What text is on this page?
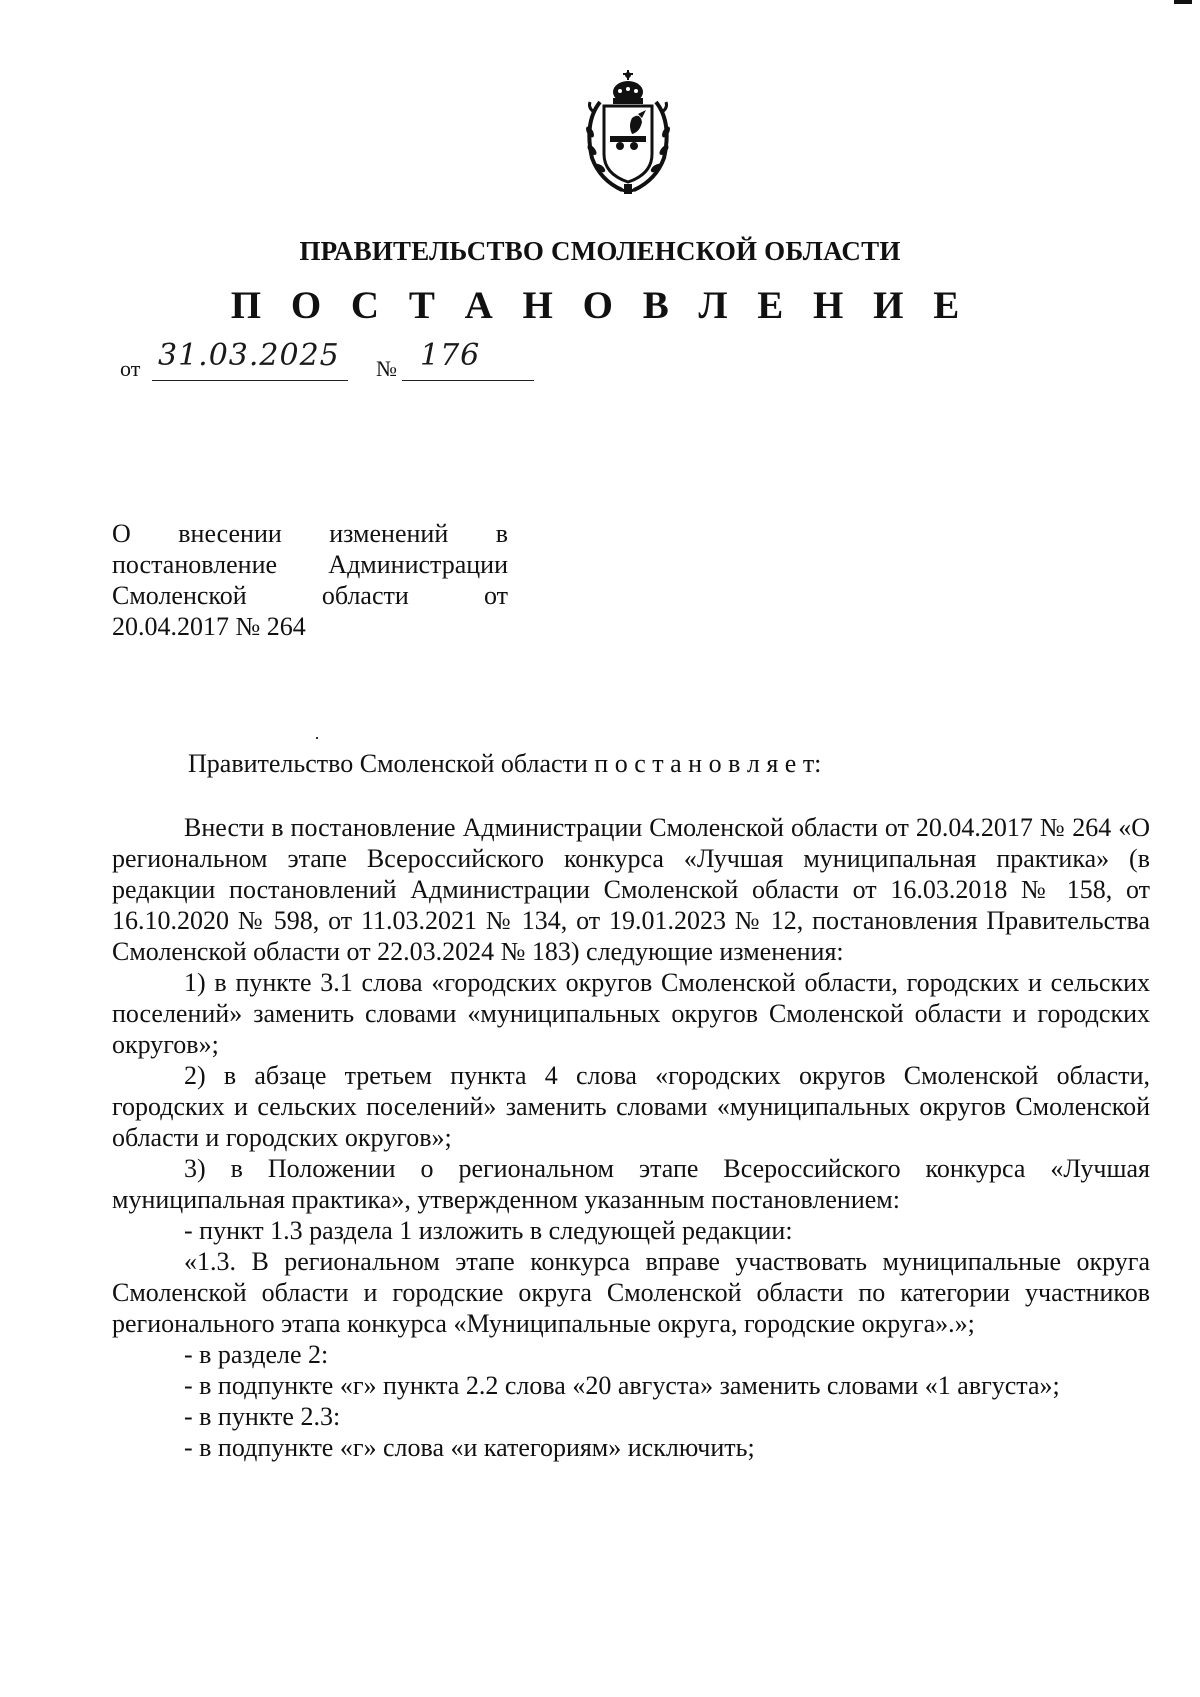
ПРАВИТЕЛЬСТВО СМОЛЕНСКОЙ ОБЛАСТИ
П О С Т А Н О В Л Е Н И Е
от 31.03.2025 № 176
О внесении изменений в
постановление Администрации
Смоленской области от
20.04.2017 № 264
Правительство Смоленской области п о с т а н о в л я е т:

Внести в постановление Администрации Смоленской области от 20.04.2017 № 264 «О региональном этапе Всероссийского конкурса «Лучшая муниципальная практика» (в редакции постановлений Администрации Смоленской области от 16.03.2018 № 158, от 16.10.2020 № 598, от 11.03.2021 № 134, от 19.01.2023 № 12, постановления Правительства Смоленской области от 22.03.2024 № 183) следующие изменения:

1) в пункте 3.1 слова «городских округов Смоленской области, городских и сельских поселений» заменить словами «муниципальных округов Смоленской области и городских округов»;

2) в абзаце третьем пункта 4 слова «городских округов Смоленской области, городских и сельских поселений» заменить словами «муниципальных округов Смоленской области и городских округов»;

3) в Положении о региональном этапе Всероссийского конкурса «Лучшая муниципальная практика», утвержденном указанным постановлением:

- пункт 1.3 раздела 1 изложить в следующей редакции:

«1.3. В региональном этапе конкурса вправе участвовать муниципальные округа Смоленской области и городские округа Смоленской области по категории участников регионального этапа конкурса «Муниципальные округа, городские округа».»;

- в разделе 2:

- в подпункте «г» пункта 2.2 слова «20 августа» заменить словами «1 августа»;

- в пункте 2.3:

- в подпункте «г» слова «и категориям» исключить;
